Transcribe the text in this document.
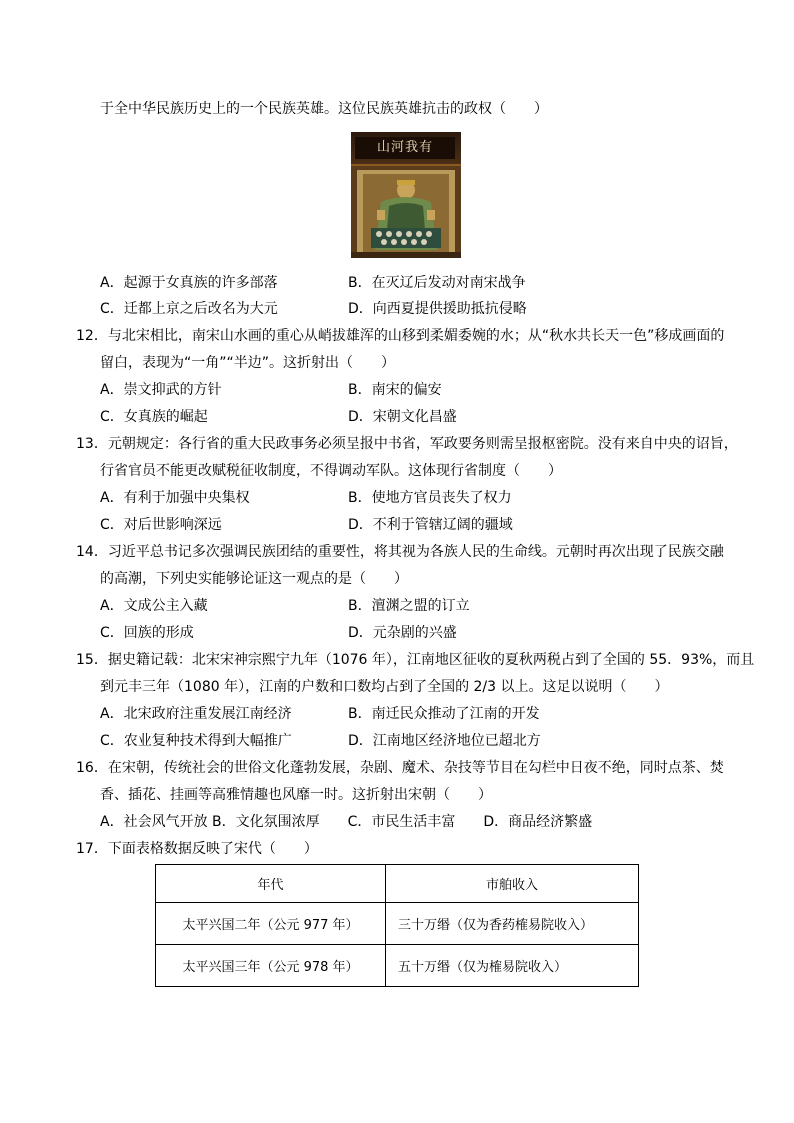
于全中华民族历史上的一个民族英雄。这位民族英雄抗击的政权（　　）
山河我有
A．起源于女真族的许多部落	B．在灭辽后发动对南宋战争
C．迁都上京之后改名为大元	D．向西夏提供援助抵抗侵略
12．与北宋相比，南宋山水画的重心从峭拔雄浑的山移到柔媚委婉的水；从“秋水共长天一色”移成画面的
留白，表现为“一角”“半边”。这折射出（　　）
A．崇文抑武的方针	B．南宋的偏安
C．女真族的崛起	D．宋朝文化昌盛
13．元朝规定：各行省的重大民政事务必须呈报中书省，军政要务则需呈报枢密院。没有来自中央的诏旨，
行省官员不能更改赋税征收制度，不得调动军队。这体现行省制度（　　）
A．有利于加强中央集权	B．使地方官员丧失了权力
C．对后世影响深远	D．不利于管辖辽阔的疆域
14．习近平总书记多次强调民族团结的重要性，将其视为各族人民的生命线。元朝时再次出现了民族交融
的高潮，下列史实能够论证这一观点的是（　　）
A．文成公主入藏	B．澶渊之盟的订立
C．回族的形成	D．元杂剧的兴盛
15．据史籍记载：北宋宋神宗熙宁九年（1076 年），江南地区征收的夏秋两税占到了全国的 55．93%，而且
到元丰三年（1080 年），江南的户数和口数均占到了全国的 2/3 以上。这足以说明（　　）
A．北宋政府注重发展江南经济	B．南迁民众推动了江南的开发
C．农业复种技术得到大幅推广	D．江南地区经济地位已超北方
16．在宋朝，传统社会的世俗文化蓬勃发展，杂剧、魔术、杂技等节目在勾栏中日夜不绝，同时点茶、焚
香、插花、挂画等高雅情趣也风靡一时。这折射出宋朝（　　）
A．社会风气开放 B．文化氛围浓厚　　C．市民生活丰富　　D．商品经济繁盛
17．下面表格数据反映了宋代（　　）
年代	市舶收入
太平兴国二年（公元 977 年）	三十万缗（仅为香药榷易院收入）
太平兴国三年（公元 978 年）	五十万缗（仅为榷易院收入）
